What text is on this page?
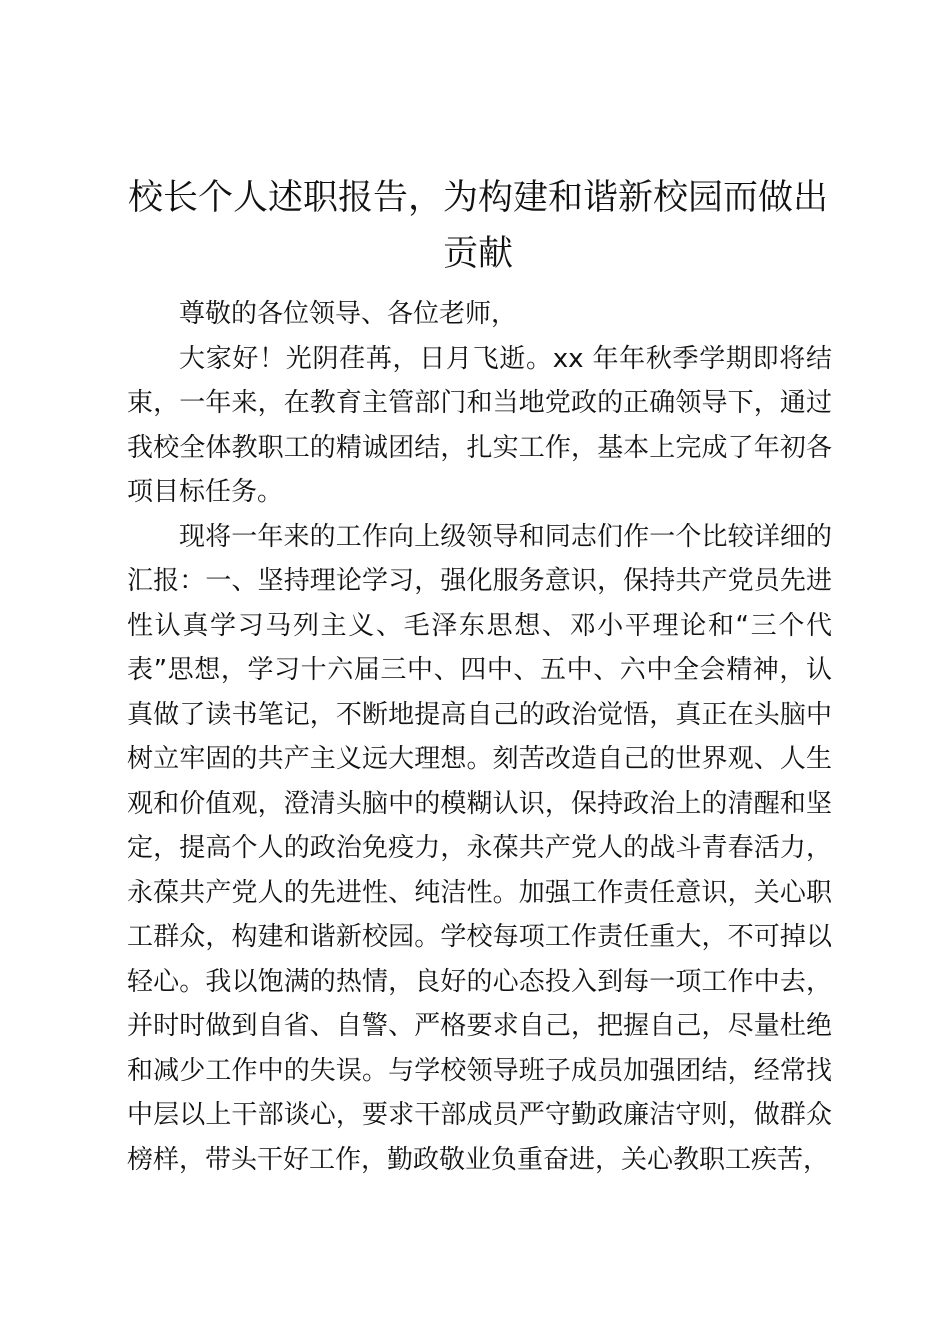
校长个人述职报告，为构建和谐新校园而做出贡献

尊敬的各位领导、各位老师，

大家好！光阴荏苒，日月飞逝。xx 年年秋季学期即将结束，一年来，在教育主管部门和当地党政的正确领导下，通过我校全体教职工的精诚团结，扎实工作，基本上完成了年初各项目标任务。

现将一年来的工作向上级领导和同志们作一个比较详细的汇报：一、坚持理论学习，强化服务意识，保持共产党员先进性认真学习马列主义、毛泽东思想、邓小平理论和“三个代表”思想，学习十六届三中、四中、五中、六中全会精神，认真做了读书笔记，不断地提高自己的政治觉悟，真正在头脑中树立牢固的共产主义远大理想。刻苦改造自己的世界观、人生观和价值观，澄清头脑中的模糊认识，保持政治上的清醒和坚定，提高个人的政治免疫力，永葆共产党人的战斗青春活力，永葆共产党人的先进性、纯洁性。加强工作责任意识，关心职工群众，构建和谐新校园。学校每项工作责任重大，不可掉以轻心。我以饱满的热情，良好的心态投入到每一项工作中去，并时时做到自省、自警、严格要求自己，把握自己，尽量杜绝和减少工作中的失误。与学校领导班子成员加强团结，经常找中层以上干部谈心，要求干部成员严守勤政廉洁守则，做群众榜样，带头干好工作，勤政敬业负重奋进，关心教职工疾苦，
